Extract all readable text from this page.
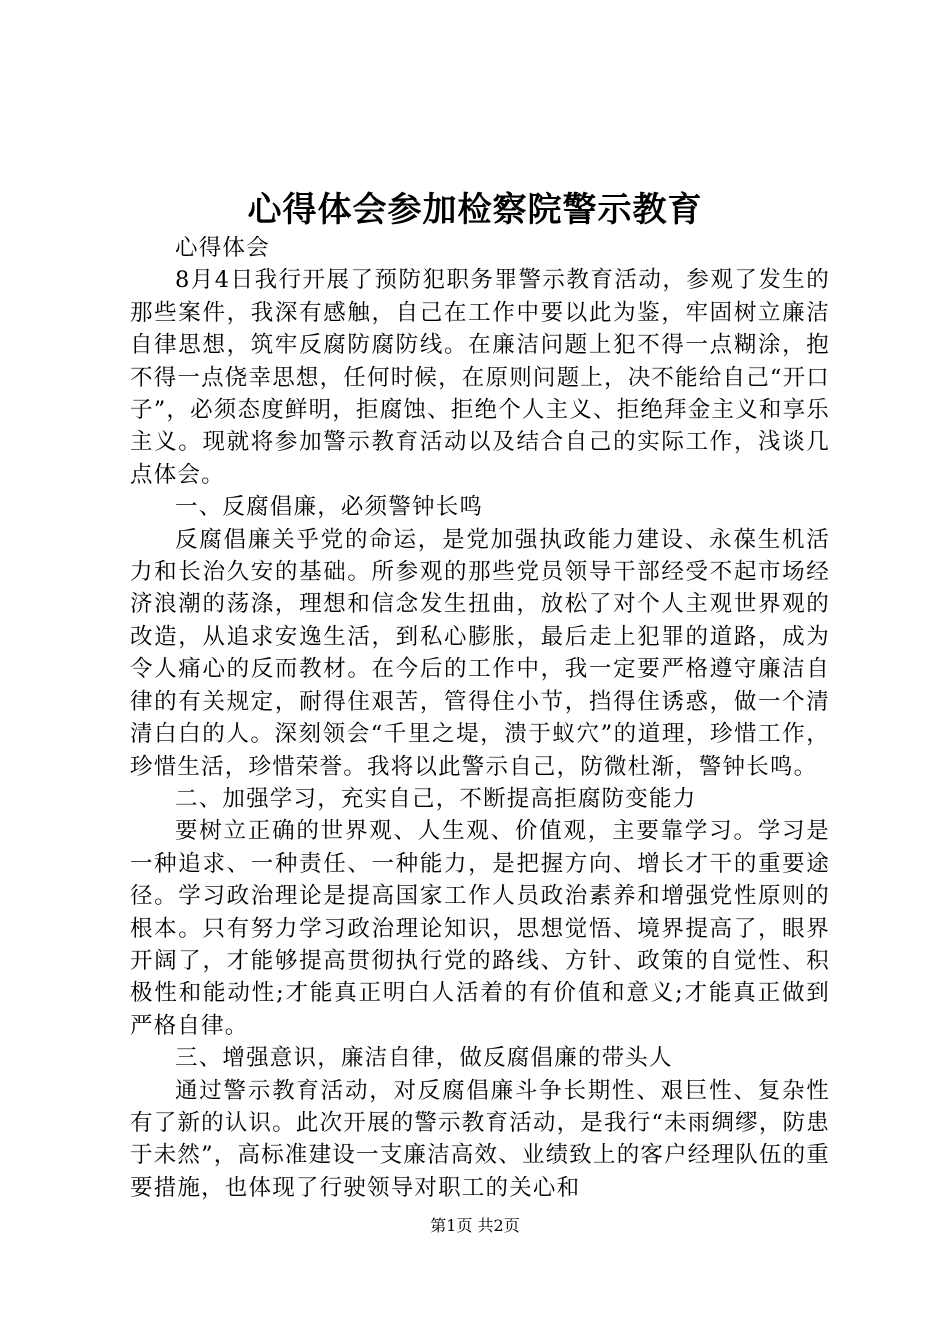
心得体会参加检察院警示教育

心得体会

8月4日我行开展了预防犯职务罪警示教育活动，参观了发生的那些案件，我深有感触，自己在工作中要以此为鉴，牢固树立廉洁自律思想，筑牢反腐防腐防线。在廉洁问题上犯不得一点糊涂，抱不得一点侥幸思想，任何时候，在原则问题上，决不能给自己“开口子”，必须态度鲜明，拒腐蚀、拒绝个人主义、拒绝拜金主义和享乐主义。现就将参加警示教育活动以及结合自己的实际工作，浅谈几点体会。

一、反腐倡廉，必须警钟长鸣

反腐倡廉关乎党的命运，是党加强执政能力建设、永葆生机活力和长治久安的基础。所参观的那些党员领导干部经受不起市场经济浪潮的荡涤，理想和信念发生扭曲，放松了对个人主观世界观的改造，从追求安逸生活，到私心膨胀，最后走上犯罪的道路，成为令人痛心的反而教材。在今后的工作中，我一定要严格遵守廉洁自律的有关规定，耐得住艰苦，管得住小节，挡得住诱惑，做一个清清白白的人。深刻领会“千里之堤，溃于蚁穴”的道理，珍惜工作，珍惜生活，珍惜荣誉。我将以此警示自己，防微杜渐，警钟长鸣。

二、加强学习，充实自己，不断提高拒腐防变能力

要树立正确的世界观、人生观、价值观，主要靠学习。学习是一种追求、一种责任、一种能力，是把握方向、增长才干的重要途径。学习政治理论是提高国家工作人员政治素养和增强党性原则的根本。只有努力学习政治理论知识，思想觉悟、境界提高了，眼界开阔了，才能够提高贯彻执行党的路线、方针、政策的自觉性、积极性和能动性;才能真正明白人活着的有价值和意义;才能真正做到严格自律。

三、增强意识，廉洁自律，做反腐倡廉的带头人

通过警示教育活动，对反腐倡廉斗争长期性、艰巨性、复杂性有了新的认识。此次开展的警示教育活动，是我行“未雨绸缪，防患于未然”，高标准建设一支廉洁高效、业绩致上的客户经理队伍的重要措施，也体现了行驶领导对职工的关心和

第1页 共2页
